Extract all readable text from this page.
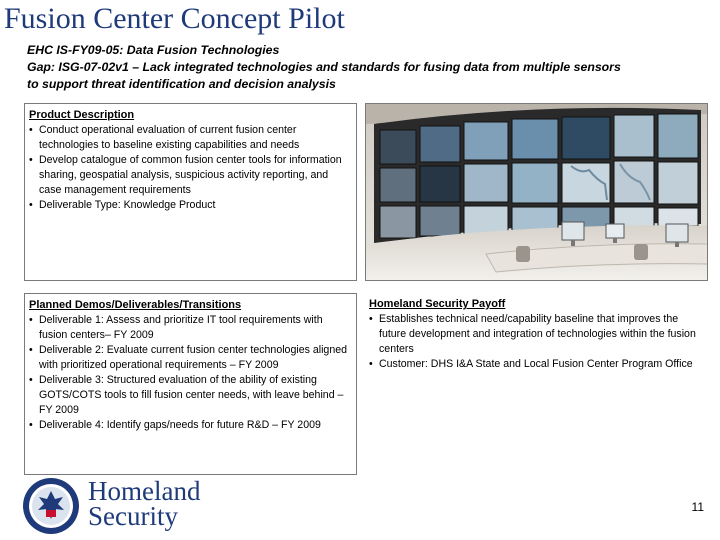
Fusion Center Concept Pilot
EHC IS-FY09-05: Data Fusion Technologies
Gap: ISG-07-02v1 – Lack integrated technologies and standards for fusing data from multiple sensors
to support threat identification and decision analysis
Product Description
• Conduct operational evaluation of current fusion center technologies to baseline existing capabilities and needs
• Develop catalogue of common fusion center tools for information sharing, geospatial analysis, suspicious activity reporting, and case management requirements
• Deliverable Type: Knowledge Product
Planned Demos/Deliverables/Transitions
• Deliverable 1: Assess and prioritize IT tool requirements with fusion centers– FY 2009
• Deliverable 2: Evaluate current fusion center technologies aligned with prioritized operational requirements – FY 2009
• Deliverable 3: Structured evaluation of the ability of existing GOTS/COTS tools to fill fusion center needs, with leave behind – FY 2009
• Deliverable 4: Identify gaps/needs for future R&D – FY 2009
Homeland Security Payoff
• Establishes technical need/capability baseline that improves the future development and integration of technologies within the fusion centers
• Customer: DHS I&A State and Local Fusion Center Program Office
Homeland
Security	11
